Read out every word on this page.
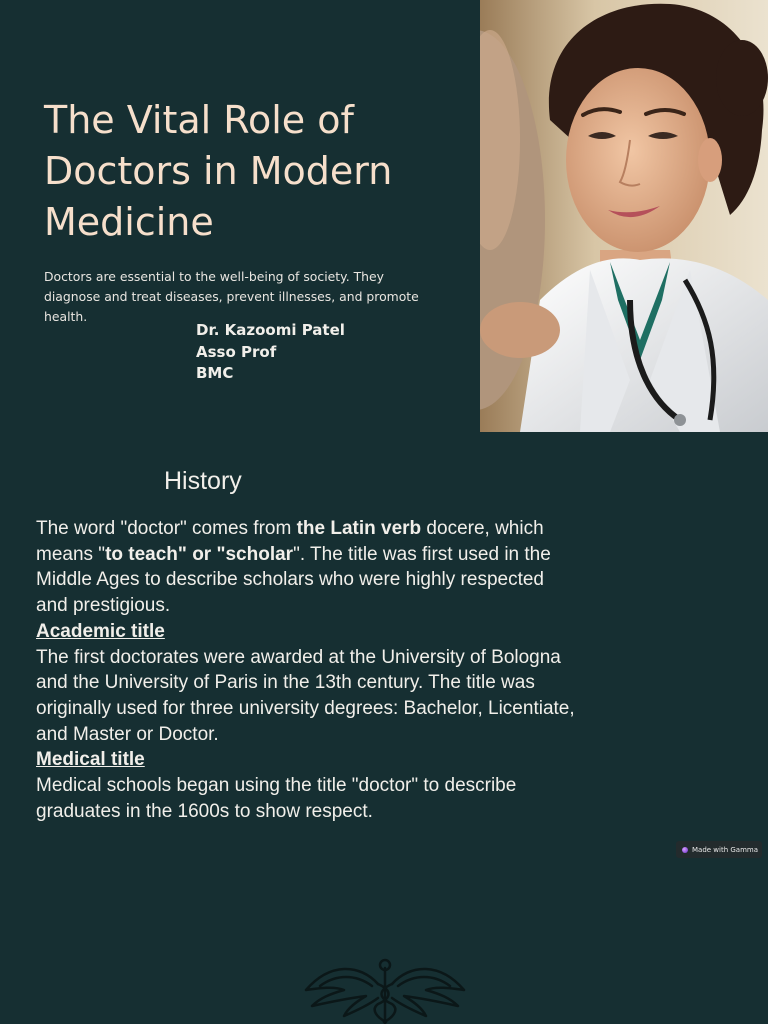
The Vital Role of Doctors in Modern Medicine

Doctors are essential to the well-being of society. They diagnose and treat diseases, prevent illnesses, and promote health.

Dr. Kazoomi Patel
Asso Prof
BMC
History

The word "doctor" comes from the Latin verb docere, which means "to teach" or "scholar". The title was first used in the Middle Ages to describe scholars who were highly respected and prestigious.

Academic title

The first doctorates were awarded at the University of Bologna and the University of Paris in the 13th century. The title was originally used for three university degrees: Bachelor, Licentiate, and Master or Doctor.

Medical title

Medical schools began using the title "doctor" to describe graduates in the 1600s to show respect.

Made with Gamma
